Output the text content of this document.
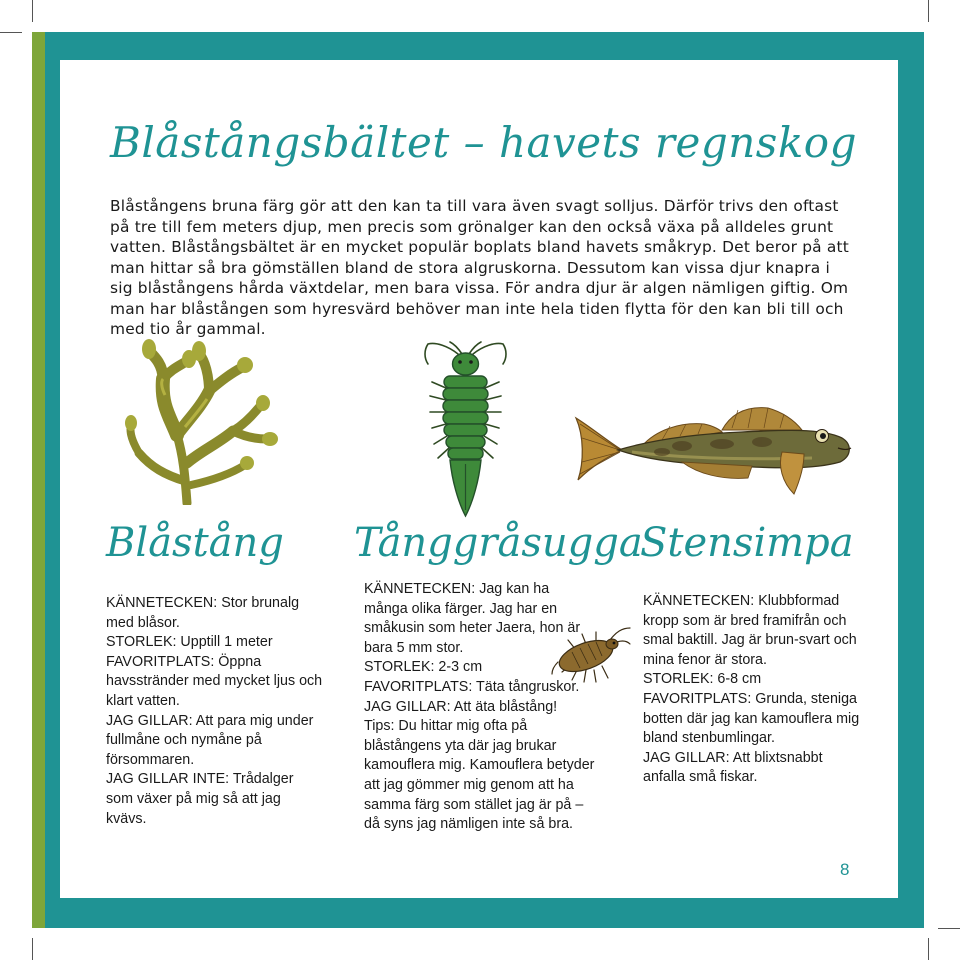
Blåstångsbältet – havets regnskog

Blåstångens bruna färg gör att den kan ta till vara även svagt solljus. Därför trivs den oftast på tre till fem meters djup, men precis som grönalger kan den också växa på alldeles grunt vatten. Blåstångsbältet är en mycket populär boplats bland havets småkryp. Det beror på att man hittar så bra gömställen bland de stora algruskorna. Dessutom kan vissa djur knapra i sig blåstångens hårda växtdelar, men bara vissa. För andra djur är algen nämligen giftig. Om man har blåstången som hyresvärd behöver man inte hela tiden flytta för den kan bli till och med tio år gammal.

Blåstång
KÄNNETECKEN: Stor brunalg med blåsor.
STORLEK: Upptill 1 meter
FAVORITPLATS: Öppna havsstränder med mycket ljus och klart vatten.
JAG GILLAR: Att para mig under fullmåne och nymåne på försommaren.
JAG GILLAR INTE: Trådalger som växer på mig så att jag kvävs.
Tånggråsugga
KÄNNETECKEN: Jag kan ha många olika färger. Jag har en småkusin som heter Jaera, hon är bara 5 mm stor.
STORLEK: 2-3 cm
FAVORITPLATS: Täta tångruskor.
JAG GILLAR: Att äta blåstång!
Tips: Du hittar mig ofta på blåstångens yta där jag brukar kamouflera mig. Kamouflera betyder att jag gömmer mig genom att ha samma färg som stället jag är på – då syns jag nämligen inte så bra.
Stensimpa
KÄNNETECKEN: Klubbformad kropp som är bred framifrån och smal baktill. Jag är brun-svart och mina fenor är stora.
STORLEK: 6-8 cm
FAVORITPLATS: Grunda, steniga botten där jag kan kamouflera mig bland stenbumlingar.
JAG GILLAR: Att blixtsnabbt anfalla små fiskar.
8
